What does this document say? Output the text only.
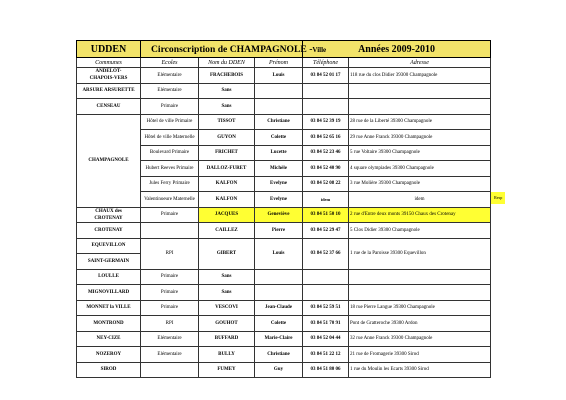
UDDEN	Circonscription de CHAMPAGNOLE -Ville			Années 2009-2010	
Communes	Ecoles	Nom du DDEN	Prénom	Téléphone	Adresse
ANDELOT-
CHAPOIS-VERS	Elémentaire	FRACHEBOIS	Louis	03 84 52 01 17	118 rue du clos Didier 39300 Champagnole
ARSURE ARSURETTE	Elémentaire	Sans			
CENSEAU	Primaire	Sans			
CHAMPAGNOLE	Hôtel de ville Primaire	TISSOT	Christiane	03 84 52 39 19	28 rue de la Liberté 39300 Champagnole
	Hôtel de ville Maternelle	GUYON	Colette	03 84 52 65 16	29 rue Anne Franck 39300 Champagnole
	Boulevard Primaire	FRICHET	Lucette	03 84 52 23 46	5 rue Voltaire 39300 Champagnole
	Hubert Reeves Primaire	DALLOZ-FURET	Michèle	03 84 52 40 90	4 square olympiades 39300 Champagnole
	Jules Ferry Primaire	KALFON	Evelyne	03 84 52 08 22	3 rue Molière 39300 Champagnole
	Valentinoeure Maternelle	KALFON	Evelyne	idem	idem
CHAUX des
CROTENAY	Primaire	JACQUES	Geneviève	03 84 51 50 10	2 rue d'Entre deux monts 39150 Chaux des Crotenay
CROTENAY		CAILLEZ	Pierre	03 84 52 29 47	5 Clos Didier 39300 Champagnole
EQUEVILLON	RPI	GIBERT	Louis	03 84 52 37 66	1 rue de la Paroisse 39300 Equevillon
SAINT-GERMAIN					
LOULLE	Primaire	Sans			
MIGNOVILLARD	Primaire	Sans			
MONNET la VILLE	Primaire	VESCOVI	Jean-Claude	03 84 52 59 51	18 rue Pierre Langue 39300 Champagnole
MONTROND	RPI	GOUHOT	Colette	03 84 51 70 91	Pont de Gratteroche 39300 Ardon
NEY-CIZE	Elémentaire	BUFFARD	Marie-Claire	03 84 52 04 44	32 rue Anne Franck 39300 Champagnole
NOZEROY	Elémentaire	BULLY	Christiane	03 84 51 22 12	21 rue de Fromagerie 39300 Sirod
SIROD		FUMEY	Guy	03 84 51 80 06	1 rue du Moulin les Ecarts 39300 Sirod
Resp
